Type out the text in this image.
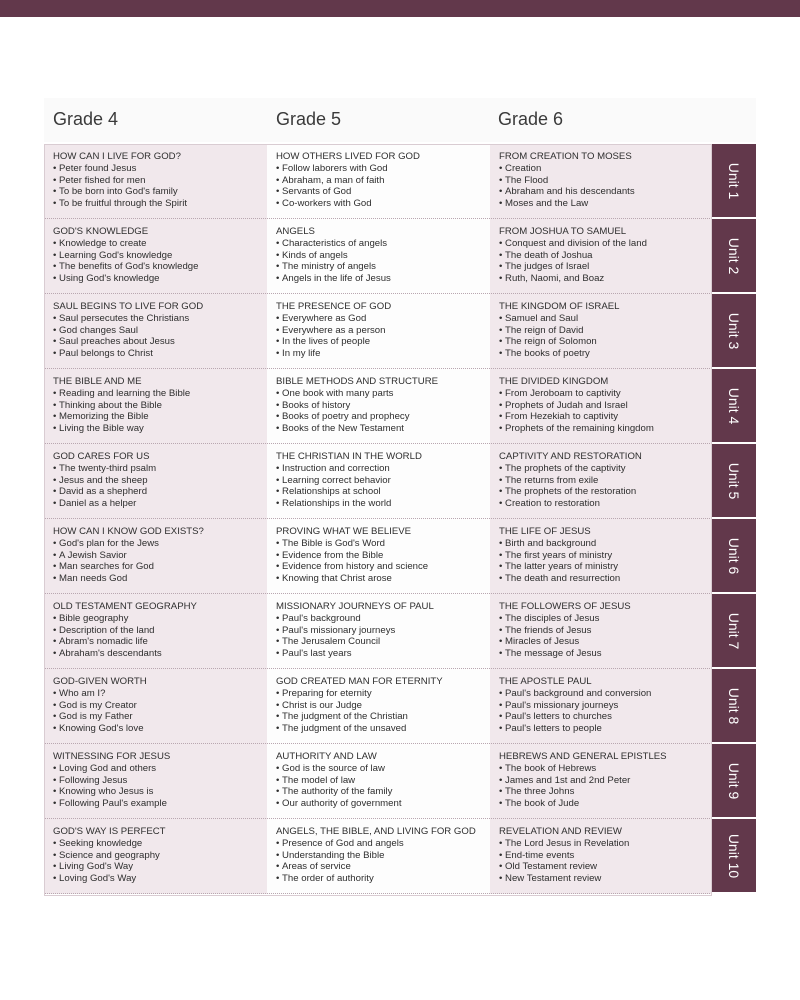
Grade 4	Grade 5	Grade 6
HOW CAN I LIVE FOR GOD?
• Peter found Jesus
• Peter fished for men
• To be born into God's family
• To be fruitful through the Spirit
HOW OTHERS LIVED FOR GOD
• Follow laborers with God
• Abraham, a man of faith
• Servants of God
• Co-workers with God
FROM CREATION TO MOSES
• Creation
• The Flood
• Abraham and his descendants
• Moses and the Law
Unit 1
GOD'S KNOWLEDGE
• Knowledge to create
• Learning God's knowledge
• The benefits of God's knowledge
• Using God's knowledge
ANGELS
• Characteristics of angels
• Kinds of angels
• The ministry of angels
• Angels in the life of Jesus
FROM JOSHUA TO SAMUEL
• Conquest and division of the land
• The death of Joshua
• The judges of Israel
• Ruth, Naomi, and Boaz
Unit 2
SAUL BEGINS TO LIVE FOR GOD
• Saul persecutes the Christians
• God changes Saul
• Saul preaches about Jesus
• Paul belongs to Christ
THE PRESENCE OF GOD
• Everywhere as God
• Everywhere as a person
• In the lives of people
• In my life
THE KINGDOM OF ISRAEL
• Samuel and Saul
• The reign of David
• The reign of Solomon
• The books of poetry
Unit 3
THE BIBLE AND ME
• Reading and learning the Bible
• Thinking about the Bible
• Memorizing the Bible
• Living the Bible way
BIBLE METHODS AND STRUCTURE
• One book with many parts
• Books of history
• Books of poetry and prophecy
• Books of the New Testament
THE DIVIDED KINGDOM
• From Jeroboam to captivity
• Prophets of Judah and Israel
• From Hezekiah to captivity
• Prophets of the remaining kingdom
Unit 4
GOD CARES FOR US
• The twenty-third psalm
• Jesus and the sheep
• David as a shepherd
• Daniel as a helper
THE CHRISTIAN IN THE WORLD
• Instruction and correction
• Learning correct behavior
• Relationships at school
• Relationships in the world
CAPTIVITY AND RESTORATION
• The prophets of the captivity
• The returns from exile
• The prophets of the restoration
• Creation to restoration
Unit 5
HOW CAN I KNOW GOD EXISTS?
• God's plan for the Jews
• A Jewish Savior
• Man searches for God
• Man needs God
PROVING WHAT WE BELIEVE
• The Bible is God's Word
• Evidence from the Bible
• Evidence from history and science
• Knowing that Christ arose
THE LIFE OF JESUS
• Birth and background
• The first years of ministry
• The latter years of ministry
• The death and resurrection
Unit 6
OLD TESTAMENT GEOGRAPHY
• Bible geography
• Description of the land
• Abram's nomadic life
• Abraham's descendants
MISSIONARY JOURNEYS OF PAUL
• Paul's background
• Paul's missionary journeys
• The Jerusalem Council
• Paul's last years
THE FOLLOWERS OF JESUS
• The disciples of Jesus
• The friends of Jesus
• Miracles of Jesus
• The message of Jesus
Unit 7
GOD-GIVEN WORTH
• Who am I?
• God is my Creator
• God is my Father
• Knowing God's love
GOD CREATED MAN FOR ETERNITY
• Preparing for eternity
• Christ is our Judge
• The judgment of the Christian
• The judgment of the unsaved
THE APOSTLE PAUL
• Paul's background and conversion
• Paul's missionary journeys
• Paul's letters to churches
• Paul's letters to people
Unit 8
WITNESSING FOR JESUS
• Loving God and others
• Following Jesus
• Knowing who Jesus is
• Following Paul's example
AUTHORITY AND LAW
• God is the source of law
• The model of law
• The authority of the family
• Our authority of government
HEBREWS AND GENERAL EPISTLES
• The book of Hebrews
• James and 1st and 2nd Peter
• The three Johns
• The book of Jude
Unit 9
GOD'S WAY IS PERFECT
• Seeking knowledge
• Science and geography
• Living God's Way
• Loving God's Way
ANGELS, THE BIBLE, AND LIVING FOR GOD
• Presence of God and angels
• Understanding the Bible
• Areas of service
• The order of authority
REVELATION AND REVIEW
• The Lord Jesus in Revelation
• End-time events
• Old Testament review
• New Testament review
Unit 10
